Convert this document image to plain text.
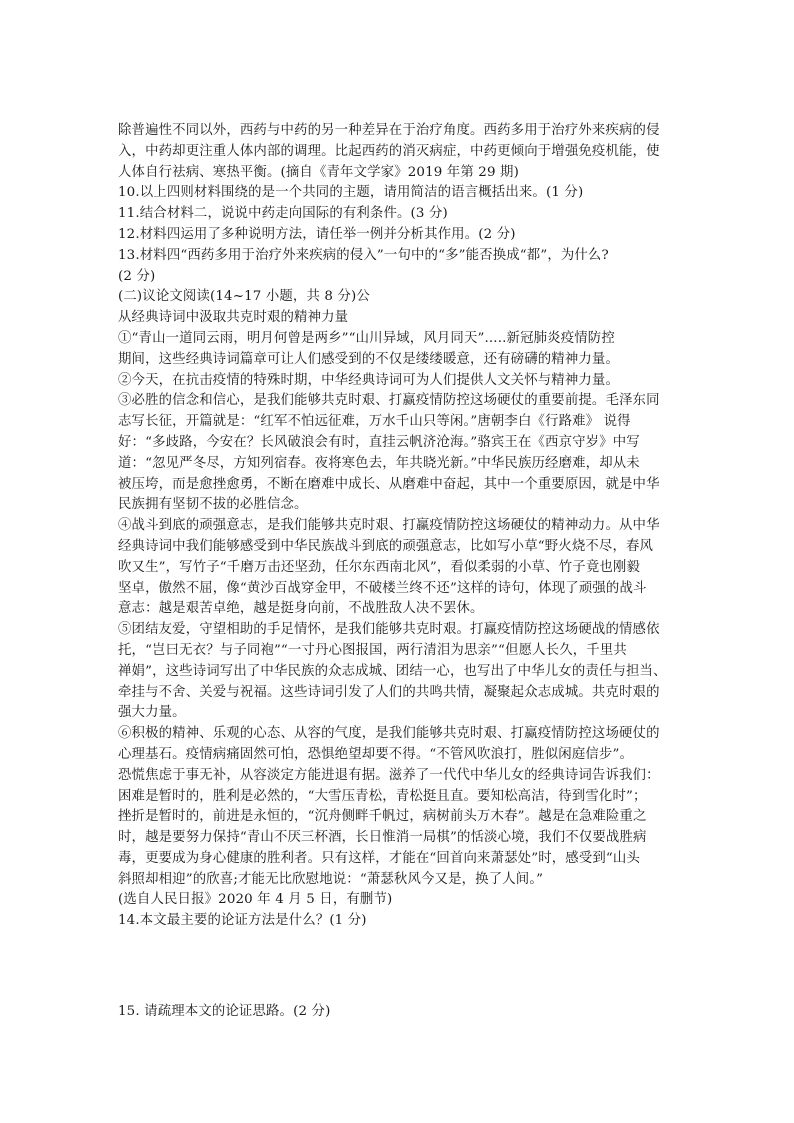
除普遍性不同以外，西药与中药的另一种差异在于治疗角度。西药多用于治疗外来疾病的侵

入，中药却更注重人体内部的调理。比起西药的消灭病症，中药更倾向于增强免疫机能，使

人体自行祛病、寒热平衡。(摘自《青年文学家》2019 年第 29 期)

10.以上四则材料围绕的是一个共同的主题，请用简洁的语言概括出来。(1 分)

11.结合材料二，说说中药走向国际的有利条件。(3 分)

12.材料四运用了多种说明方法，请任举一例并分析其作用。(2 分)

13.材料四“西药多用于治疗外来疾病的侵入”一句中的“多”能否换成“都”，为什么?

(2 分)

(二)议论文阅读(14~17 小题，共 8 分)公

从经典诗词中汲取共克时艰的精神力量

①“青山一道同云雨，明月何曾是两乡”“山川异域，风月同天”.....新冠肺炎疫情防控

期间，这些经典诗词篇章可让人们感受到的不仅是缕缕暖意，还有磅礴的精神力量。

②今天，在抗击疫情的特殊时期，中华经典诗词可为人们提供人文关怀与精神力量。

③必胜的信念和信心，是我们能够共克时艰、打赢疫情防控这场硬仗的重要前提。毛泽东同

志写长征，开篇就是：“红军不怕远征难，万水千山只等闲。”唐朝李白《行路难》 说得

好：“多歧路，今安在？长风破浪会有时，直挂云帆济沧海。”骆宾王在《西京守岁》中写

道：“忽见严冬尽，方知列宿春。夜将寒色去，年共晓光新。”中华民族历经磨难，却从未

被压垮，而是愈挫愈勇，不断在磨难中成长、从磨难中奋起，其中一个重要原因，就是中华

民族拥有坚韧不拔的必胜信念。

④战斗到底的顽强意志，是我们能够共克时艰、打赢疫情防控这场硬仗的精神动力。从中华

经典诗词中我们能够感受到中华民族战斗到底的顽强意志，比如写小草“野火烧不尽，春风

吹又生”，写竹子“千磨万击还坚劲，任尔东西南北风”，看似柔弱的小草、竹子竟也刚毅

坚卓，傲然不屈，像“黄沙百战穿金甲，不破楼兰终不还”这样的诗句，体现了顽强的战斗

意志：越是艰苦卓绝，越是挺身向前，不战胜敌人决不罢休。

⑤团结友爱，守望相助的手足情怀，是我们能够共克时艰。打赢疫情防控这场硬战的情感依

托，“岂曰无衣？与子同袍”“一寸丹心图报国，两行清泪为思亲”“但愿人长久，千里共

禅娟”，这些诗词写出了中华民族的众志成城、团结一心，也写出了中华儿女的责任与担当、

牵挂与不舍、关爱与祝福。这些诗词引发了人们的共鸣共情，凝聚起众志成城。共克时艰的

强大力量。

⑥积极的精神、乐观的心态、从容的气度，是我们能够共克时艰、打赢疫情防控这场硬仗的

心理基石。疫情病痛固然可怕，恐惧绝望却要不得。“不管风吹浪打，胜似闲庭信步”。

恐慌焦虑于事无补，从容淡定方能进退有据。滋养了一代代中华儿女的经典诗词告诉我们：

困难是暂时的，胜利是必然的，“大雪压青松，青松挺且直。要知松高洁，待到雪化时”；

挫折是暂时的，前进是永恒的，“沉舟侧畔千帆过，病树前头万木春”。越是在急难险重之

时，越是要努力保持“青山不厌三杯酒，长日惟消一局棋”的恬淡心境，我们不仅要战胜病

毒，更要成为身心健康的胜利者。只有这样，才能在“回首向来萧瑟处”时，感受到“山头

斜照却相迎”的欣喜;才能无比欣慰地说：“萧瑟秋风今又是，换了人间。”

(选自人民日报》2020 年 4 月 5 日，有删节)

14.本文最主要的论证方法是什么？(1 分)

15. 请疏理本文的论证思路。(2 分)
